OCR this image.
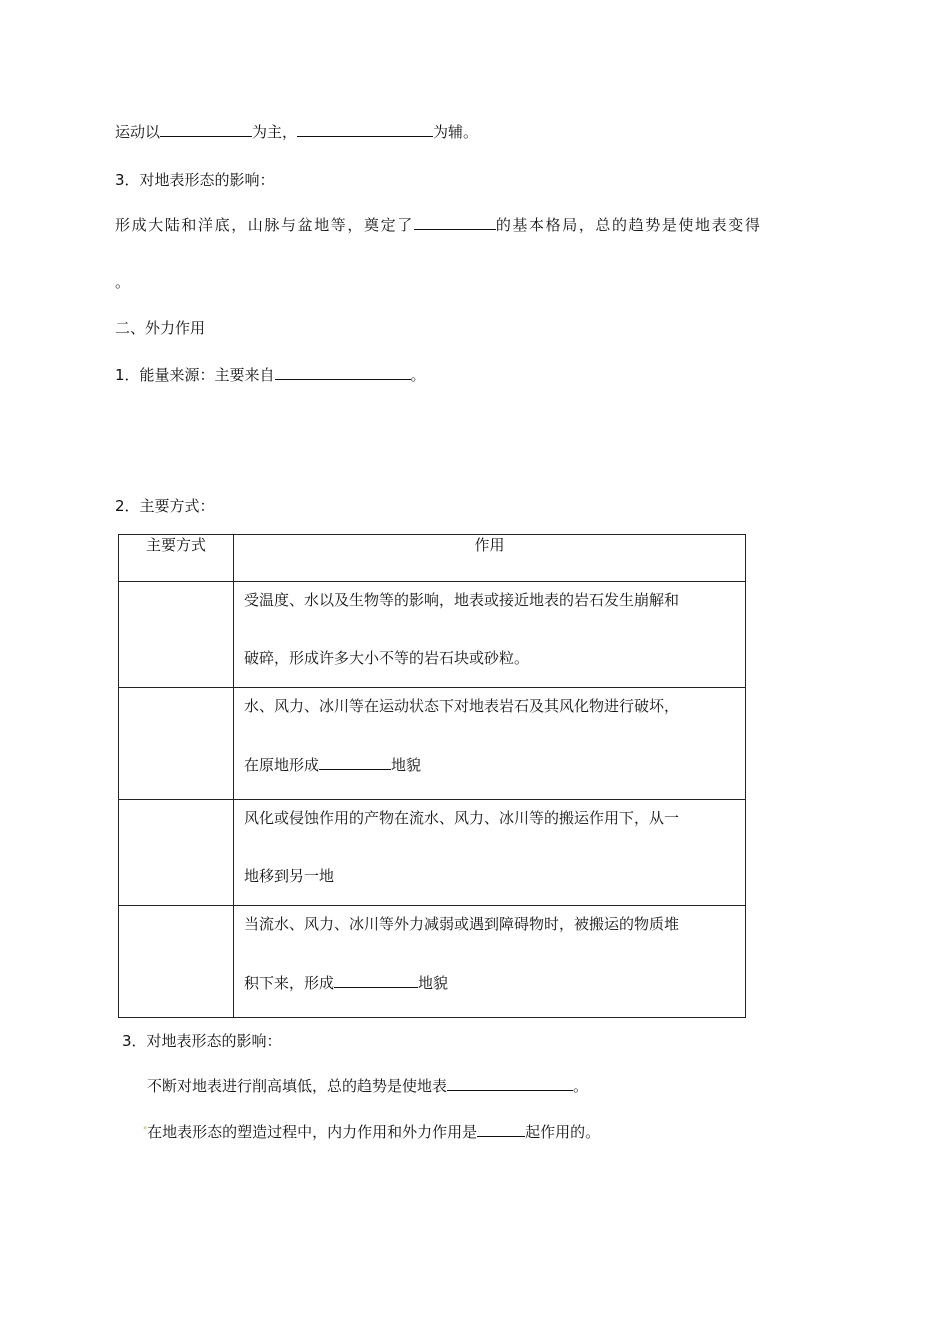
运动以	为主，	为辅。
3．对地表形态的影响：
形成大陆和洋底，山脉与盆地等，奠定了	的基本格局，总的趋势是使地表变得
。
二、外力作用
1．能量来源：主要来自	。
2．主要方式：
主要方式	作用

	受温度、水以及生物等的影响，地表或接近地表的岩石发生崩解和
破碎，形成许多大小不等的岩石块或砂粒。

	水、风力、冰川等在运动状态下对地表岩石及其风化物进行破坏，
在原地形成 地貌

	风化或侵蚀作用的产物在流水、风力、冰川等的搬运作用下，从一
地移到另一地

	当流水、风力、冰川等外力减弱或遇到障碍物时，被搬运的物质堆
积下来，形成 地貌
3．对地表形态的影响：
不断对地表进行削高填低，总的趋势是使地表	。
"在地表形态的塑造过程中，内力作用和外力作用是	起作用的。
